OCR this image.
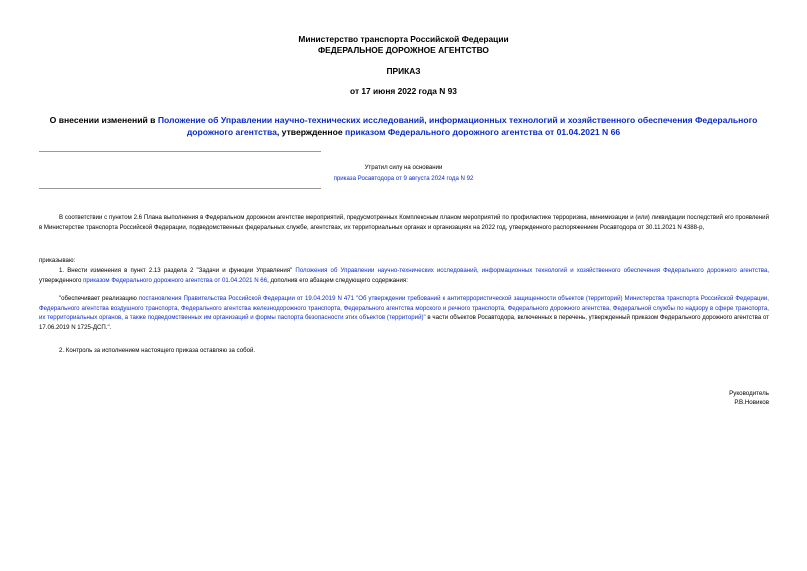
Министерство транспорта Российской Федерации
ФЕДЕРАЛЬНОЕ ДОРОЖНОЕ АГЕНТСТВО
ПРИКАЗ
от 17 июня 2022 года N 93
О внесении изменений в Положение об Управлении научно-технических исследований, информационных технологий и хозяйственного обеспечения Федерального дорожного агентства, утвержденное приказом Федерального дорожного агентства от 01.04.2021 N 66
Утратил силу на основании
приказа Росавтодора от 9 августа 2024 года N 92
В соответствии с пунктом 2.6 Плана выполнения в Федеральном дорожном агентстве мероприятий, предусмотренных Комплексным планом мероприятий по профилактике терроризма, минимизации и (или) ликвидации последствий его проявлений в Министерстве транспорта Российской Федерации, подведомственных федеральных службе, агентствах, их территориальных органах и организациях на 2022 год, утвержденного распоряжением Росавтодора от 30.11.2021 N 4388-р,
приказываю:
1. Внести изменения в пункт 2.13 раздела 2 "Задачи и функции Управления" Положения об Управлении научно-технических исследований, информационных технологий и хозяйственного обеспечения Федерального дорожного агентства, утвержденного приказом Федерального дорожного агентства от 01.04.2021 N 66, дополнив его абзацем следующего содержания:
"обеспечивает реализацию постановления Правительства Российской Федерации от 19.04.2019 N 471 "Об утверждении требований к антитеррористической защищенности объектов (территорий) Министерства транспорта Российской Федерации, Федерального агентства воздушного транспорта, Федерального агентства железнодорожного транспорта, Федерального агентства морского и речного транспорта, Федерального дорожного агентства, Федеральной службы по надзору в сфере транспорта, их территориальных органов, а также подведомственных им организаций и формы паспорта безопасности этих объектов (территорий)" в части объектов Росавтодора, включенных в перечень, утвержденный приказом Федерального дорожного агентства от 17.06.2019 N 1725-ДСП.".
2. Контроль за исполнением настоящего приказа оставляю за собой.
Руководитель
Р.В.Новиков
